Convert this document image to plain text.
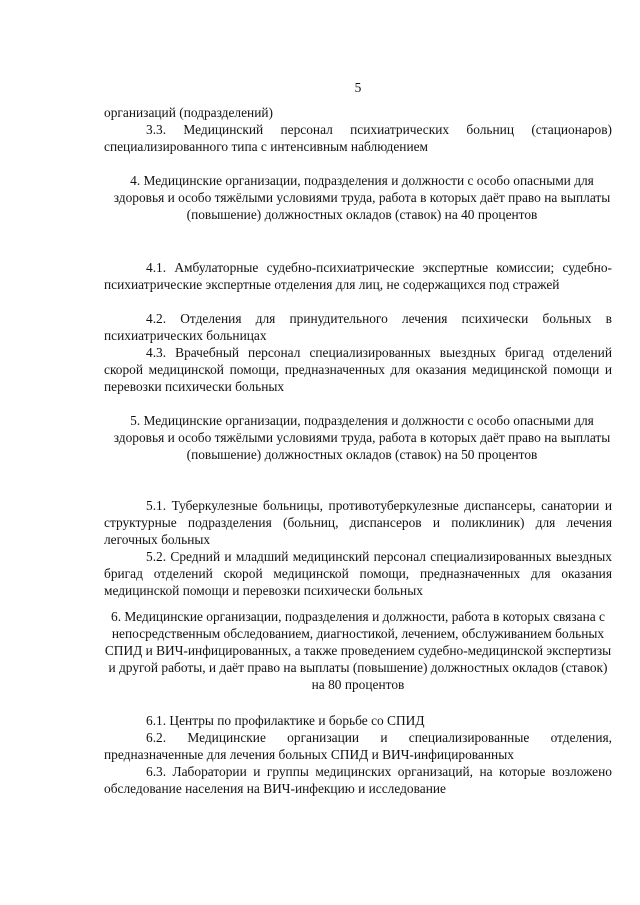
5
организаций (подразделений)
3.3. Медицинский персонал психиатрических больниц (стационаров) специализированного типа с интенсивным наблюдением
4. Медицинские организации, подразделения и должности с особо опасными для здоровья и особо тяжёлыми условиями труда, работа в которых даёт право на выплаты (повышение) должностных окладов (ставок) на 40 процентов
4.1. Амбулаторные судебно-психиатрические экспертные комиссии; судебно-психиатрические экспертные отделения для лиц, не содержащихся под стражей
4.2. Отделения для принудительного лечения психически больных в психиатрических больницах
4.3. Врачебный персонал специализированных выездных бригад отделений скорой медицинской помощи, предназначенных для оказания медицинской помощи и перевозки психически больных
5. Медицинские организации, подразделения и должности с особо опасными для здоровья и особо тяжёлыми условиями труда, работа в которых даёт право на выплаты (повышение) должностных окладов (ставок) на 50 процентов
5.1. Туберкулезные больницы, противотуберкулезные диспансеры, санатории и структурные подразделения (больниц, диспансеров и поликлиник) для лечения легочных больных
5.2. Средний и младший медицинский персонал специализированных выездных бригад отделений скорой медицинской помощи, предназначенных для оказания медицинской помощи и перевозки психически больных
6. Медицинские организации, подразделения и должности, работа в которых связана с непосредственным обследованием, диагностикой, лечением, обслуживанием больных СПИД и ВИЧ-инфицированных, а также проведением судебно-медицинской экспертизы и другой работы, и даёт право на выплаты (повышение) должностных окладов (ставок) на 80 процентов
6.1. Центры по профилактике и борьбе со СПИД
6.2. Медицинские организации и специализированные отделения, предназначенные для лечения больных СПИД и ВИЧ-инфицированных
6.3. Лаборатории и группы медицинских организаций, на которые возложено обследование населения на ВИЧ-инфекцию и исследование
